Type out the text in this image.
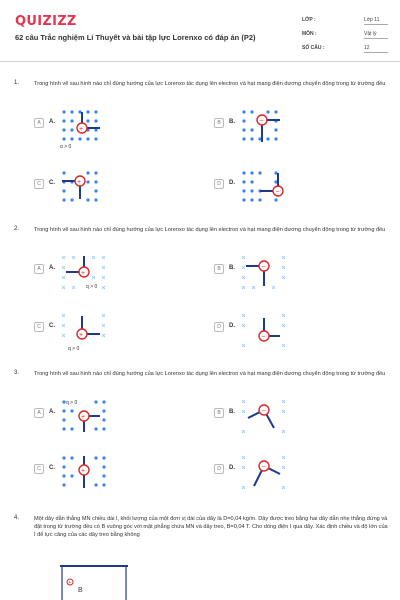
QUIZIZZ
62 câu Trắc nghiệm Lí Thuyết và bài tập lực Lorenxo có đáp án (P2)
LỚP :	Lớp 11
MÔN :	Vật lý
SỐ CÂU :	12
1.	Trong hình vẽ sau hình nào chỉ đúng hướng của lực Lorenxo tác dụng lên electron và hạt mang điện dương chuyển động trong từ trường đều
A	A.
+
q > 0
B	B.	−
C	C.	+	D	D.
−
2.	Trong hình vẽ sau hình nào chỉ đúng hướng của lực Lorenxo tác dụng lên electron và hạt mang điện dương chuyển động trong từ trường đều
A	A.
+
q > 0
B	B.	−
C	C.
+
q > 0
D	D.
−
3.	Trong hình vẽ sau hình nào chỉ đúng hướng của lực Lorenxo tác dụng lên electron và hạt mang điện dương chuyển động trong từ trường đều
A	A.
+
q > 0
B	B.	−
D	D.	−
C	C.	+
4.	Một dây dẫn thẳng MN chiều dài l, khối lượng của một đơn vị dài của dây là D=0,04 kg/m. Dây được treo bằng hai dây dẫn nhẹ thẳng đứng và đặt trong từ trường đều có B vuông góc với mặt phẳng chứa MN và dây treo, B=0,04 T. Cho dòng điện I qua dây. Xác định chiều và độ lớn của I để lực căng của các dây treo bằng không
+
B
